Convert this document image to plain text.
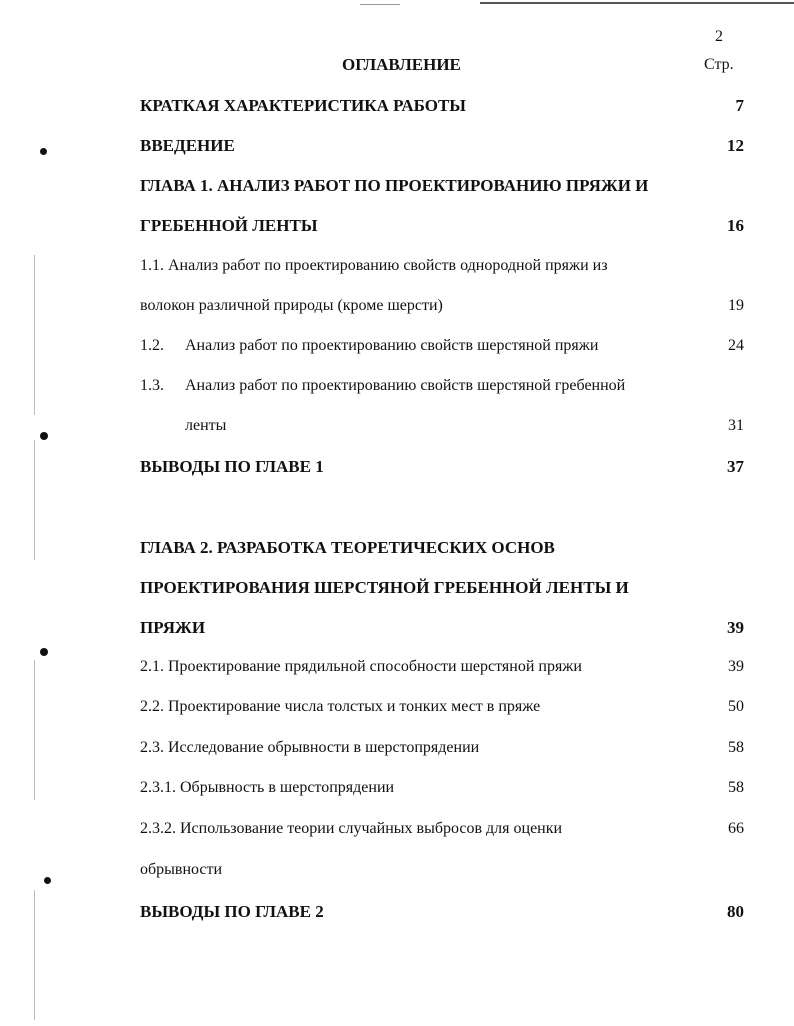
2
ОГЛАВЛЕНИЕ	Стр.
КРАТКАЯ ХАРАКТЕРИСТИКА РАБОТЫ	7
ВВЕДЕНИЕ	12
ГЛАВА 1. АНАЛИЗ РАБОТ ПО ПРОЕКТИРОВАНИЮ ПРЯЖИ И
ГРЕБЕННОЙ ЛЕНТЫ	16
1.1. Анализ работ по проектированию свойств однородной пряжи из
волокон различной природы (кроме шерсти)	19
1.2. Анализ работ по проектированию свойств шерстяной пряжи	24
1.3. Анализ работ по проектированию свойств шерстяной гребенной
ленты	31
ВЫВОДЫ ПО ГЛАВЕ 1	37
ГЛАВА 2. РАЗРАБОТКА ТЕОРЕТИЧЕСКИХ ОСНОВ
ПРОЕКТИРОВАНИЯ ШЕРСТЯНОЙ ГРЕБЕННОЙ ЛЕНТЫ И
ПРЯЖИ	39
2.1. Проектирование прядильной способности шерстяной пряжи	39
2.2. Проектирование числа толстых и тонких мест в пряже	50
2.3. Исследование обрывности в шерстопрядении	58
2.3.1. Обрывность в шерстопрядении	58
2.3.2. Использование теории случайных выбросов для оценки	66
обрывности
ВЫВОДЫ ПО ГЛАВЕ 2	80
